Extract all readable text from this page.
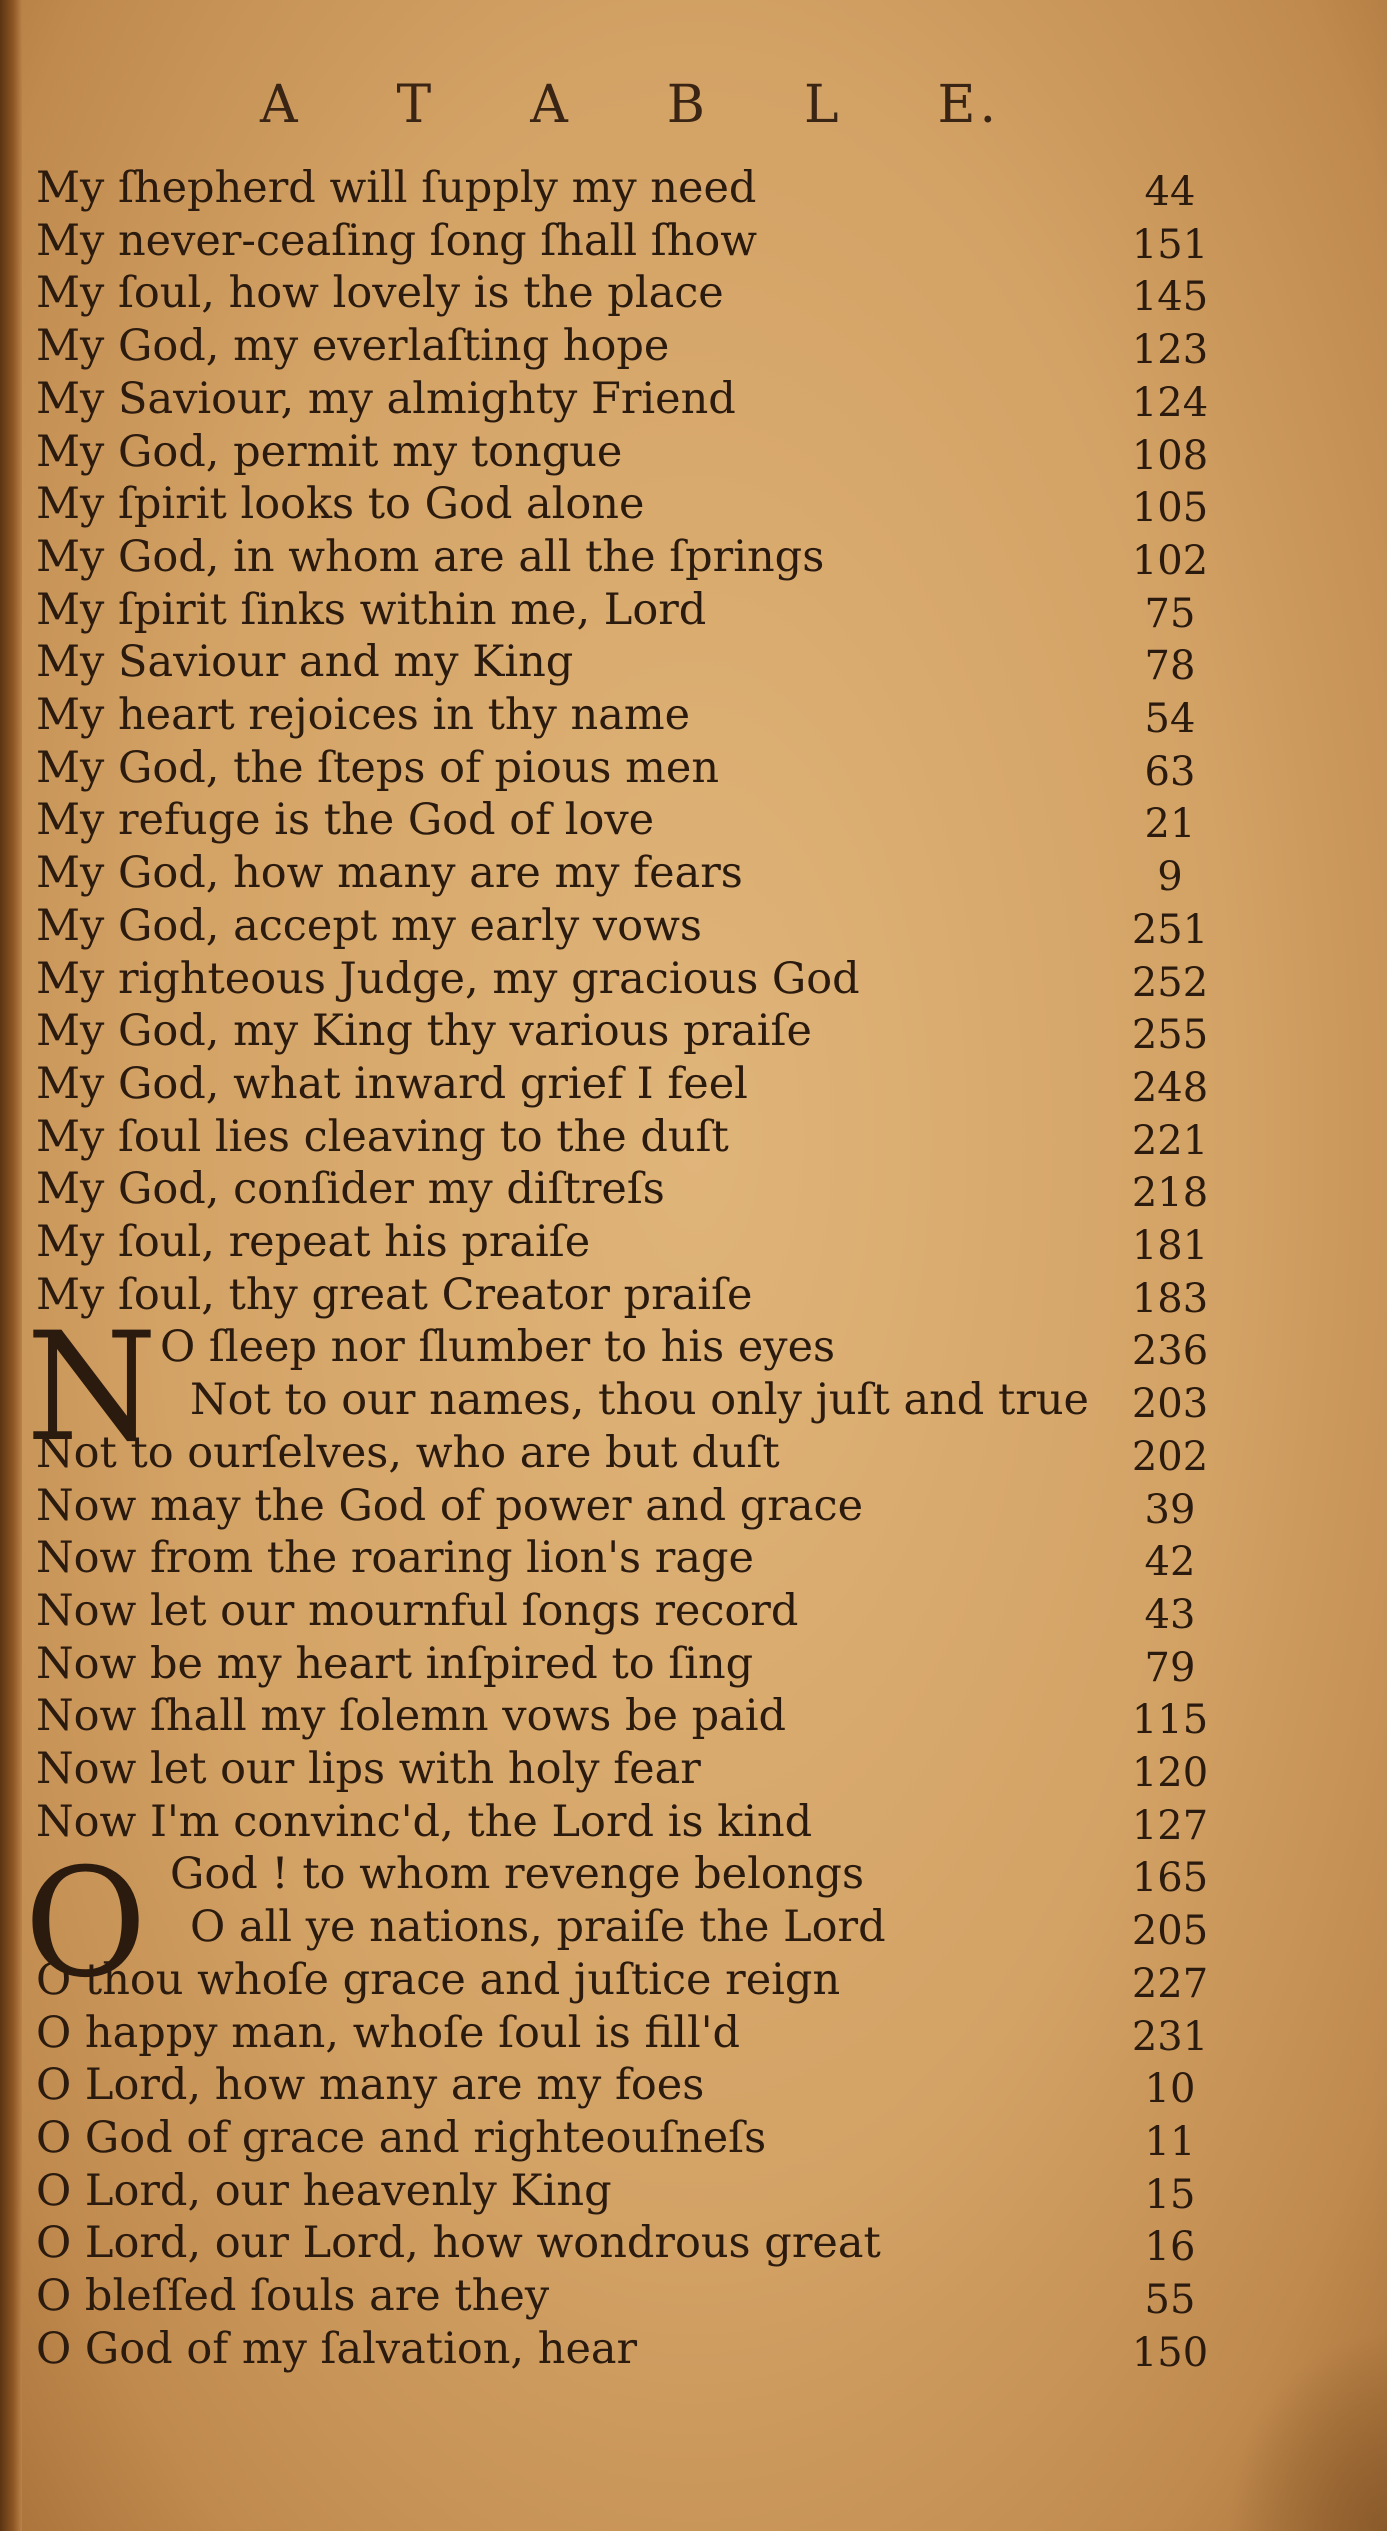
A T A B L E.
N
O
My ſhepherd will ſupply my need	44
My never-ceaſing ſong ſhall ſhow	151
My ſoul, how lovely is the place	145
My God, my everlaſting hope	123
My Saviour, my almighty Friend	124
My God, permit my tongue	108
My ſpirit looks to God alone	105
My God, in whom are all the ſprings	102
My ſpirit ſinks within me, Lord	75
My Saviour and my King	78
My heart rejoices in thy name	54
My God, the ſteps of pious men	63
My refuge is the God of love	21
My God, how many are my fears	9
My God, accept my early vows	251
My righteous Judge, my gracious God	252
My God, my King thy various praiſe	255
My God, what inward grief I feel	248
My ſoul lies cleaving to the duſt	221
My God, conſider my diſtreſs	218
My ſoul, repeat his praiſe	181
My ſoul, thy great Creator praiſe	183
O ſleep nor ſlumber to his eyes	236
Not to our names, thou only juſt and true	203
Not to ourſelves, who are but duſt	202
Now may the God of power and grace	39
Now from the roaring lion's rage	42
Now let our mournful ſongs record	43
Now be my heart inſpired to ſing	79
Now ſhall my ſolemn vows be paid	115
Now let our lips with holy fear	120
Now I'm convinc'd, the Lord is kind	127
God ! to whom revenge belongs	165
O all ye nations, praiſe the Lord	205
O thou whoſe grace and juſtice reign	227
O happy man, whoſe ſoul is fill'd	231
O Lord, how many are my foes	10
O God of grace and righteouſneſs	11
O Lord, our heavenly King	15
O Lord, our Lord, how wondrous great	16
O bleſſed ſouls are they	55
O God of my ſalvation, hear	150
